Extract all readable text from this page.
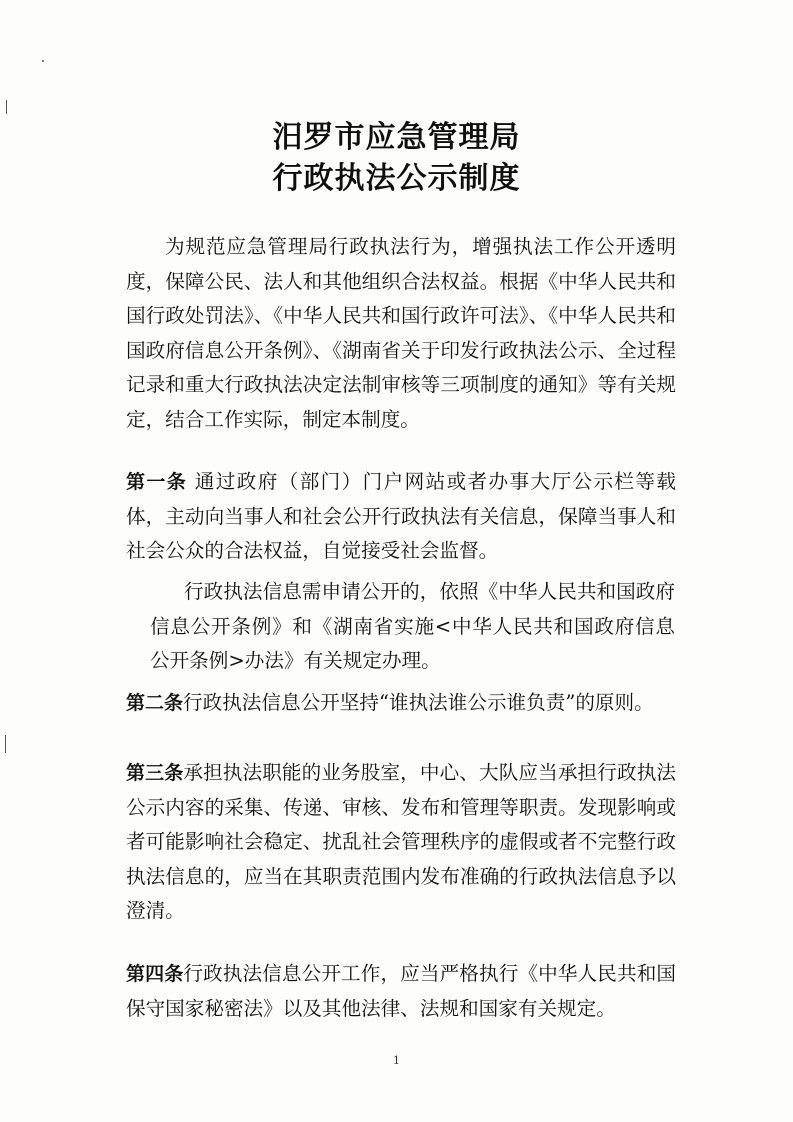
汨罗市应急管理局
行政执法公示制度
为规范应急管理局行政执法行为，增强执法工作公开透明度，保障公民、法人和其他组织合法权益。根据《中华人民共和国行政处罚法》、《中华人民共和国行政许可法》、《中华人民共和国政府信息公开条例》、《湖南省关于印发行政执法公示、全过程记录和重大行政执法决定法制审核等三项制度的通知》等有关规定，结合工作实际，制定本制度。
第一条 通过政府（部门）门户网站或者办事大厅公示栏等载体，主动向当事人和社会公开行政执法有关信息，保障当事人和社会公众的合法权益，自觉接受社会监督。
行政执法信息需申请公开的，依照《中华人民共和国政府信息公开条例》和《湖南省实施<中华人民共和国政府信息公开条例>办法》有关规定办理。
第二条行政执法信息公开坚持“谁执法谁公示谁负责”的原则。
第三条承担执法职能的业务股室，中心、大队应当承担行政执法公示内容的采集、传递、审核、发布和管理等职责。发现影响或者可能影响社会稳定、扰乱社会管理秩序的虚假或者不完整行政执法信息的，应当在其职责范围内发布准确的行政执法信息予以澄清。
第四条行政执法信息公开工作，应当严格执行《中华人民共和国保守国家秘密法》以及其他法律、法规和国家有关规定。
1
